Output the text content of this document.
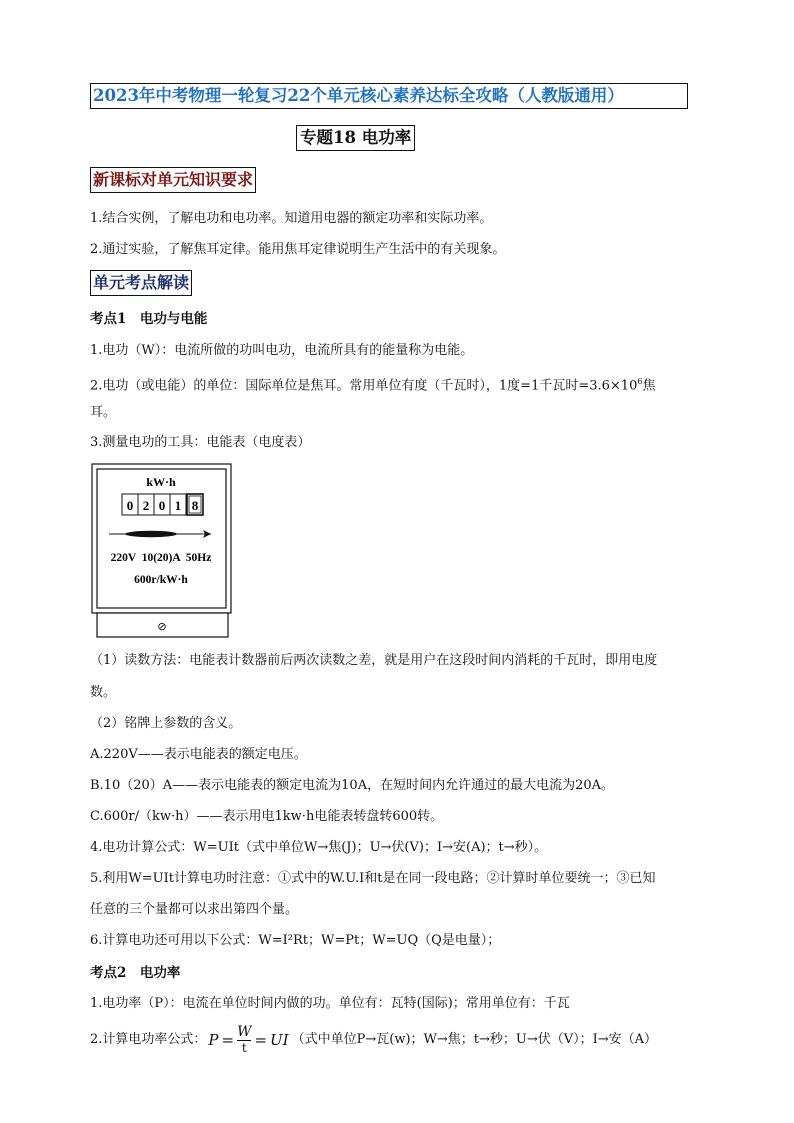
2023年中考物理一轮复习22个单元核心素养达标全攻略（人教版通用）
专题18 电功率
新课标对单元知识要求
1.结合实例，了解电功和电功率。知道用电器的额定功率和实际功率。
2.通过实验，了解焦耳定律。能用焦耳定律说明生产生活中的有关现象。
单元考点解读
考点1　电功与电能
1.电功（W）：电流所做的功叫电功，电流所具有的能量称为电能。
2.电功（或电能）的单位：国际单位是焦耳。常用单位有度（千瓦时），1度=1千瓦时$=3.6\times 10^6$焦
耳。
3.测量电功的工具：电能表（电度表）
kW·h
0 2 0 1 8
220V  10(20)A  50Hz
600r/kW·h
⊘
（1）读数方法：电能表计数器前后两次读数之差，就是用户在这段时间内消耗的千瓦时，即用电度
数。
（2）铭牌上参数的含义。
A.220V——表示电能表的额定电压。
B.10（20）A——表示电能表的额定电流为10A，在短时间内允许通过的最大电流为20A。
C.600r/（kw·h）——表示用电1kw·h电能表转盘转600转。
4.电功计算公式：W=UIt（式中单位W→焦(J)；U→伏(V)；I→安(A)；t→秒）。
5.利用W=UIt计算电功时注意：①式中的W.U.I和t是在同一段电路；②计算时单位要统一；③已知
任意的三个量都可以求出第四个量。
6.计算电功还可用以下公式：W=I²Rt；W=Pt；W=UQ（Q是电量）；
考点2　电功率
1.电功率（P）：电流在单位时间内做的功。单位有：瓦特(国际)；常用单位有：千瓦
2.计算电功率公式： P = W
t = UI （式中单位P→瓦(w)；W→焦；t→秒；U→伏（V）；I→安（A）
